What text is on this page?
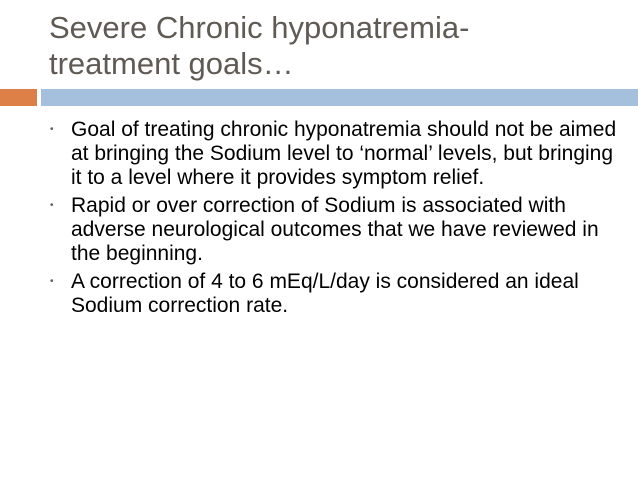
Severe Chronic hyponatremia-
treatment goals…
• Goal of treating chronic hyponatremia should not be aimed at bringing the Sodium level to ‘normal’ levels, but bringing it to a level where it provides symptom relief.
• Rapid or over correction of Sodium is associated with adverse neurological outcomes that we have reviewed in the beginning.
• A correction of 4 to 6 mEq/L/day is considered an ideal Sodium correction rate.
